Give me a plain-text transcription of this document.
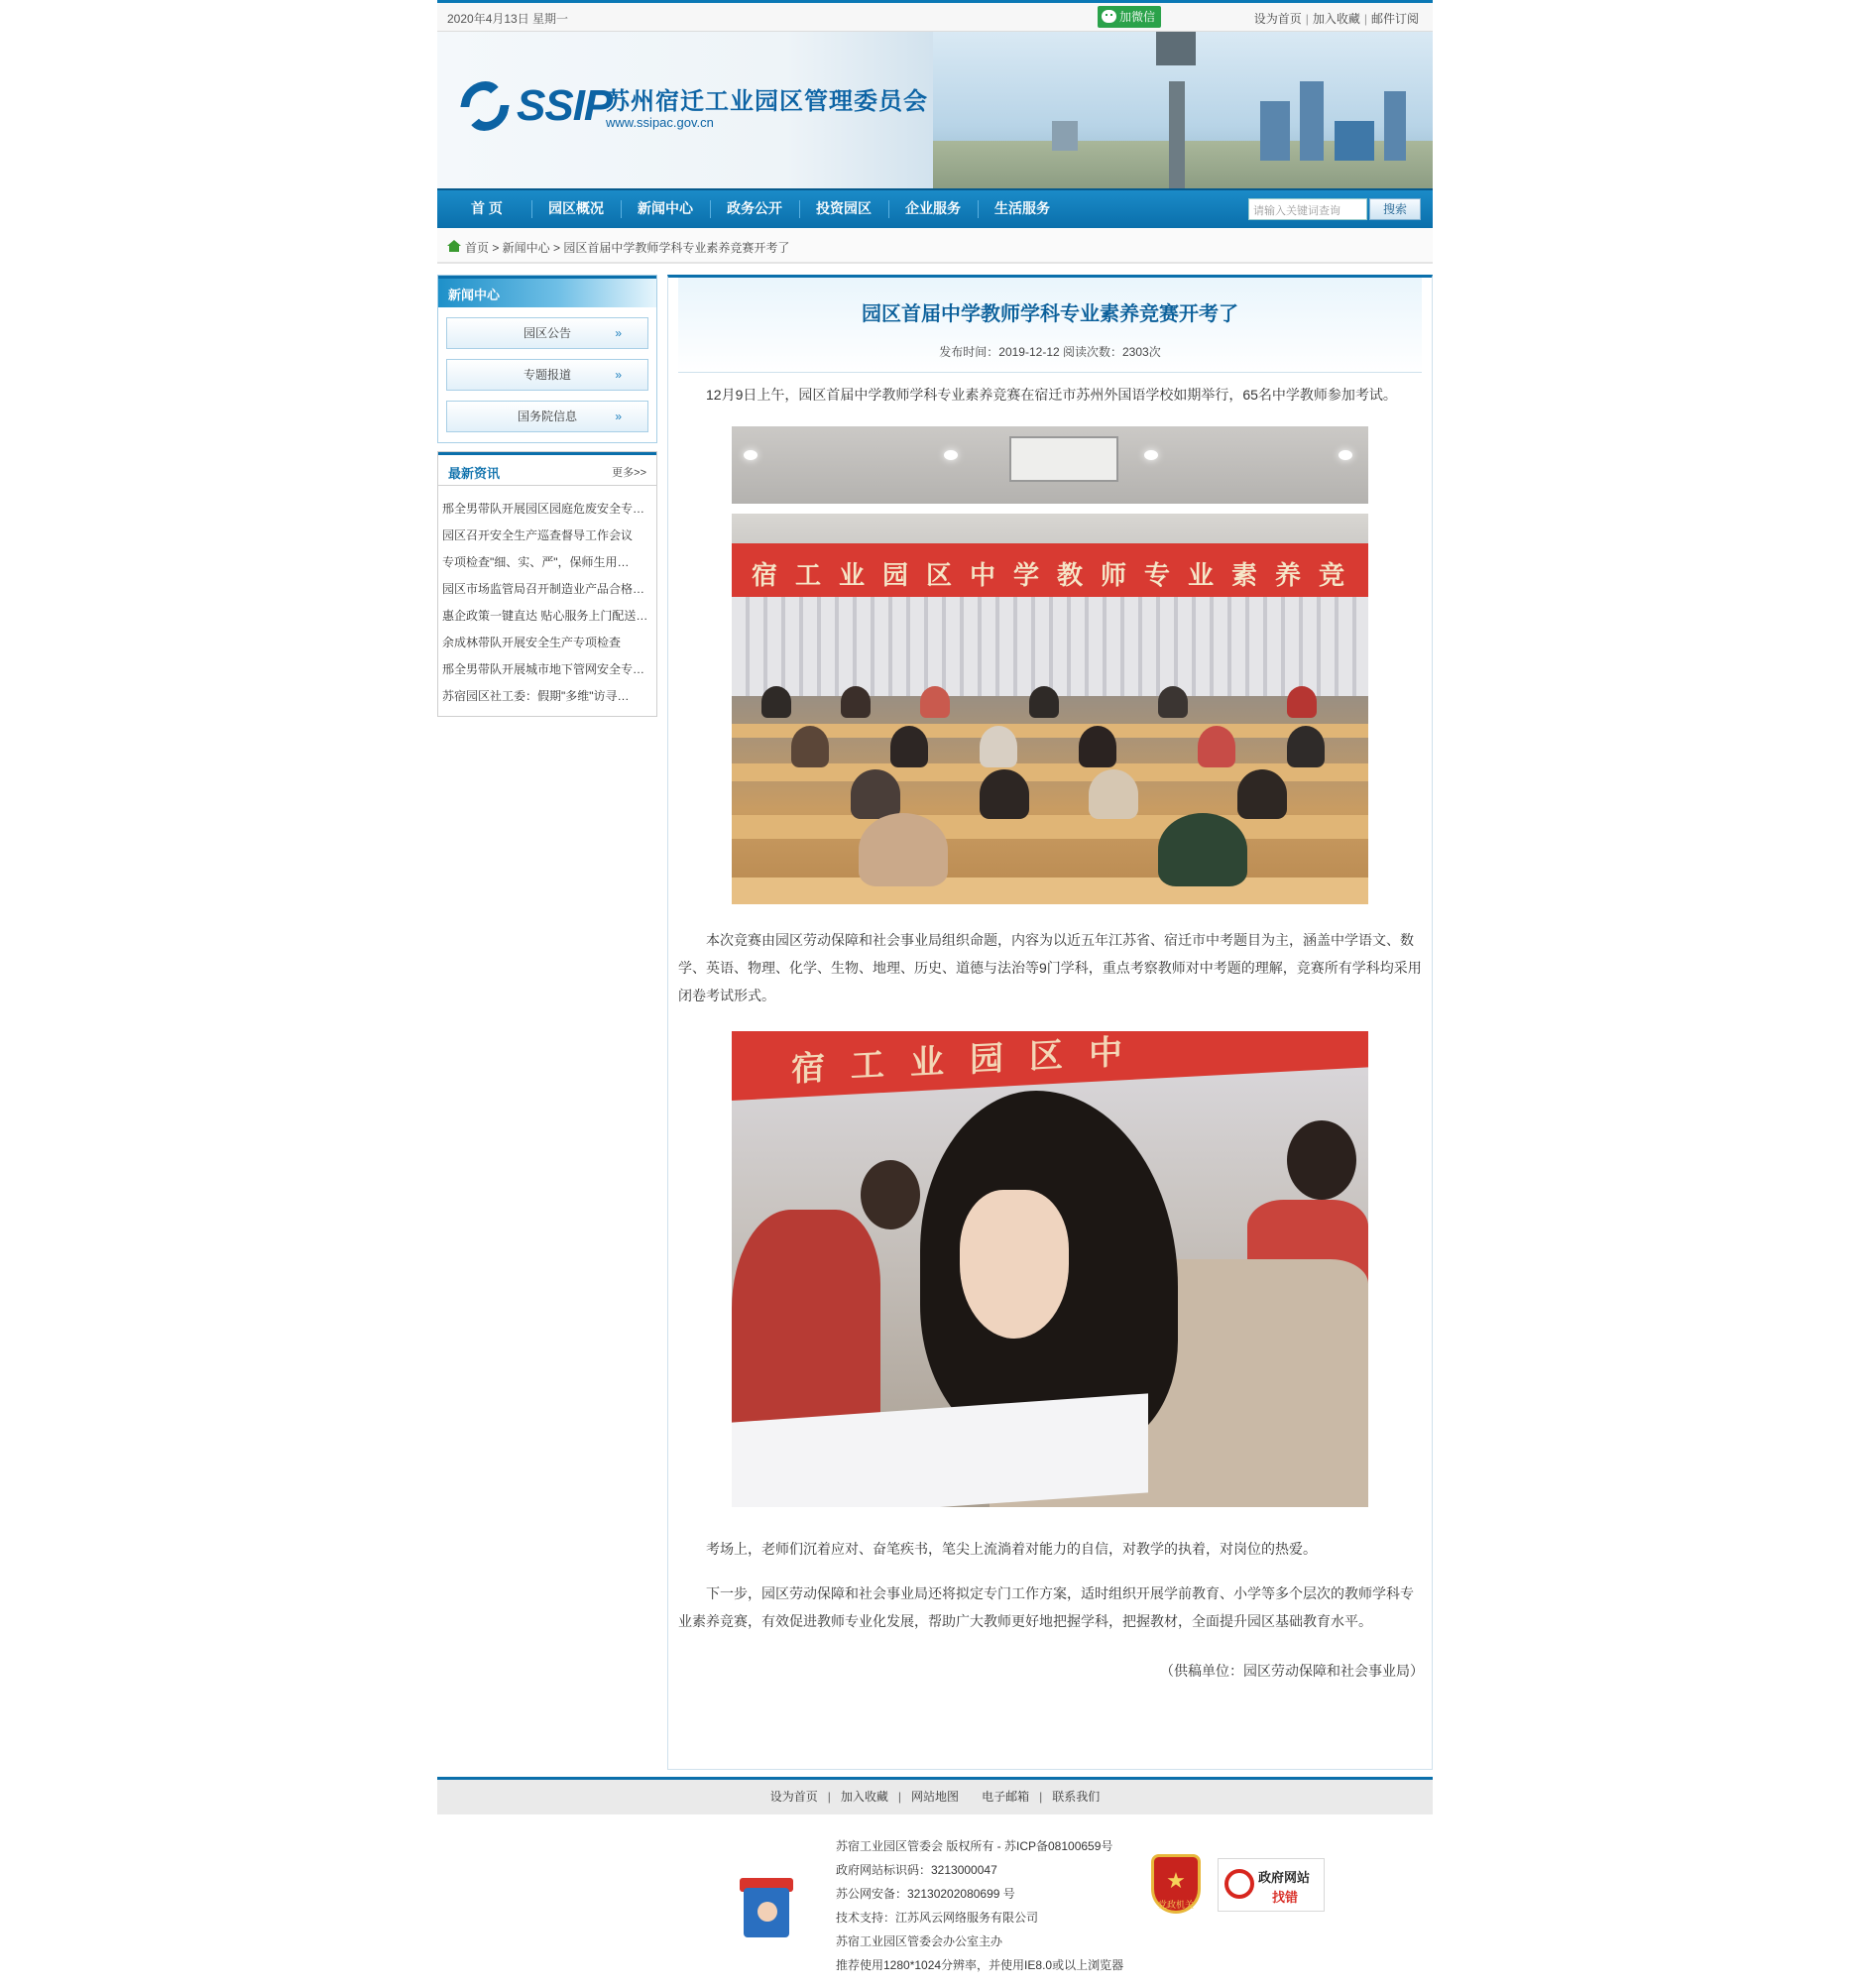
2020年4月13日 星期一	加微信	设为首页 | 加入收藏 | 邮件订阅
SSIP
苏州宿迁工业园区管理委员会
www.ssipac.gov.cn
首 页	园区概况	新闻中心	政务公开	投资园区	企业服务	生活服务	请输入关键词查询	搜索
首页 > 新闻中心 > 园区首届中学教师学科专业素养竞赛开考了
新闻中心
园区公告	»
专题报道	»
国务院信息	»
最新资讯	更多>>
邢全男带队开展园区园庭危废安全专…
园区召开安全生产巡查督导工作会议
专项检查"细、实、严"，保师生用…
园区市场监管局召开制造业产品合格…
惠企政策一键直达 贴心服务上门配送…
余成林带队开展安全生产专项检查
邢全男带队开展城市地下管网安全专…
苏宿园区社工委：假期"多维"访寻…
园区首届中学教师学科专业素养竞赛开考了
发布时间：2019-12-12 阅读次数：2303次
12月9日上午，园区首届中学教师学科专业素养竞赛在宿迁市苏州外国语学校如期举行，65名中学教师参加考试。
宿工业园区中学教师专业素养竞
本次竞赛由园区劳动保障和社会事业局组织命题，内容为以近五年江苏省、宿迁市中考题目为主，涵盖中学语文、数学、英语、物理、化学、生物、地理、历史、道德与法治等9门学科，重点考察教师对中考题的理解，竞赛所有学科均采用闭卷考试形式。
宿工业园区中
考场上，老师们沉着应对、奋笔疾书，笔尖上流淌着对能力的自信，对教学的执着，对岗位的热爱。
下一步，园区劳动保障和社会事业局还将拟定专门工作方案，适时组织开展学前教育、小学等多个层次的教师学科专业素养竞赛，有效促进教师专业化发展，帮助广大教师更好地把握学科，把握教材，全面提升园区基础教育水平。
（供稿单位：园区劳动保障和社会事业局）
设为首页 | 加入收藏 | 网站地图 电子邮箱 | 联系我们
苏宿工业园区管委会 版权所有 - 苏ICP备08100659号
政府网站标识码：3213000047
苏公网安备：32130202080699 号
技术支持：江苏风云网络服务有限公司
苏宿工业园区管委会办公室主办
推荐使用1280*1024分辨率，并使用IE8.0或以上浏览器
★
党政机关
政府网站
找错
